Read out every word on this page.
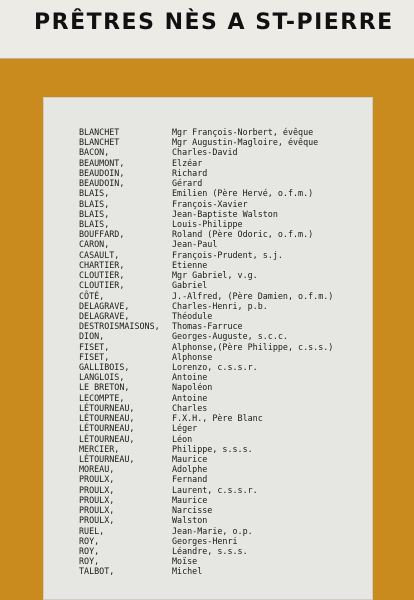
PRÊTRES NÈS A ST-PIERRE
BLANCHET	Mgr François-Norbert, évêque
BLANCHET	Mgr Augustin-Magloire, évêque
BACON,	Charles-David
BEAUMONT,	Elzéar
BEAUDOIN,	Richard
BEAUDOIN,	Gérard
BLAIS,	Emilien (Père Hervé, o.f.m.)
BLAIS,	François-Xavier
BLAIS,	Jean-Baptiste Walston
BLAIS,	Louis-Philippe
BOUFFARD,	Roland (Père Odoric, o.f.m.)
CARON,	Jean-Paul
CASAULT,	François-Prudent, s.j.
CHARTIER,	Etienne
CLOUTIER,	Mgr Gabriel, v.g.
CLOUTIER,	Gabriel
CÔTÉ,	J.-Alfred, (Père Damien, o.f.m.)
DELAGRAVE,	Charles-Henri, p.b.
DELAGRAVE,	Théodule
DESTROISMAISONS,	Thomas-Farruce
DION,	Georges-Auguste, s.c.c.
FISET,	Alphonse,(Père Philippe, c.s.s.)
FISET,	Alphonse
GALLIBOIS,	Lorenzo, c.s.s.r.
LANGLOIS,	Antoine
LE BRETON,	Napoléon
LECOMPTE,	Antoine
LÉTOURNEAU,	Charles
LÉTOURNEAU,	F.X.H., Père Blanc
LÉTOURNEAU,	Léger
LÉTOURNEAU,	Léon
MERCIER,	Philippe, s.s.s.
LÉTOURNEAU,	Maurice
MOREAU,	Adolphe
PROULX,	Fernand
PROULX,	Laurent, c.s.s.r.
PROULX,	Maurice
PROULX,	Narcisse
PROULX,	Walston
RUEL,	Jean-Marie, o.p.
ROY,	Georges-Henri
ROY,	Léandre, s.s.s.
ROY,	Moïse
TALBOT,	Michel
